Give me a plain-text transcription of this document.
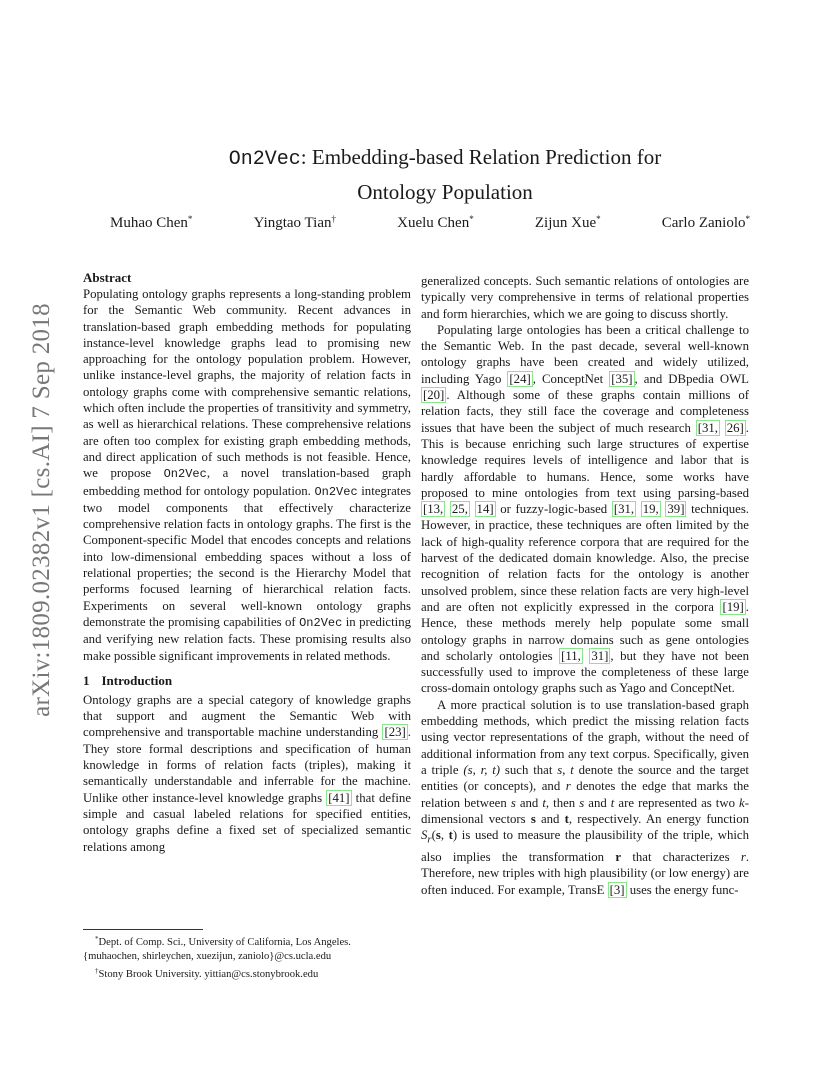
arXiv:1809.02382v1 [cs.AI] 7 Sep 2018
On2Vec: Embedding-based Relation Prediction for
Ontology Population
Muhao Chen*	Yingtao Tian†	Xuelu Chen*	Zijun Xue*	Carlo Zaniolo*
Abstract

Populating ontology graphs represents a long-standing problem for the Semantic Web community. Recent advances in translation-based graph embedding methods for populating instance-level knowledge graphs lead to promising new approaching for the ontology population problem. However, unlike instance-level graphs, the majority of relation facts in ontology graphs come with comprehensive semantic relations, which often include the properties of transitivity and symmetry, as well as hierarchical relations. These comprehensive relations are often too complex for existing graph embedding methods, and direct application of such methods is not feasible. Hence, we propose On2Vec, a novel translation-based graph embedding method for ontology population. On2Vec integrates two model components that effectively characterize comprehensive relation facts in ontology graphs. The first is the Component-specific Model that encodes concepts and relations into low-dimensional embedding spaces without a loss of relational properties; the second is the Hierarchy Model that performs focused learning of hierarchical relation facts. Experiments on several well-known ontology graphs demonstrate the promising capabilities of On2Vec in predicting and verifying new relation facts. These promising results also make possible significant improvements in related methods.

1 Introduction

Ontology graphs are a special category of knowledge graphs that support and augment the Semantic Web with comprehensive and transportable machine understanding [23] . They store formal descriptions and specification of human knowledge in forms of relation facts (triples), making it semantically understandable and inferrable for the machine. Unlike other instance-level knowledge graphs [41] that define simple and casual labeled relations for specified entities, ontology graphs define a fixed set of specialized semantic relations among

generalized concepts. Such semantic relations of ontologies are typically very comprehensive in terms of relational properties and form hierarchies, which we are going to discuss shortly.

Populating large ontologies has been a critical challenge to the Semantic Web. In the past decade, several well-known ontology graphs have been created and widely utilized, including Yago [24] , ConceptNet [35] , and DBpedia OWL [20] . Although some of these graphs contain millions of relation facts, they still face the coverage and completeness issues that have been the subject of much research [31, 26] . This is because enriching such large structures of expertise knowledge requires levels of intelligence and labor that is hardly affordable to humans. Hence, some works have proposed to mine ontologies from text using parsing-based [13, 25, 14] or fuzzy-logic-based [31, 19, 39] techniques. However, in practice, these techniques are often limited by the lack of high-quality reference corpora that are required for the harvest of the dedicated domain knowledge. Also, the precise recognition of relation facts for the ontology is another unsolved problem, since these relation facts are very high-level and are often not explicitly expressed in the corpora [19] . Hence, these methods merely help populate some small ontology graphs in narrow domains such as gene ontologies and scholarly ontologies [11, 31] , but they have not been successfully used to improve the completeness of these large cross-domain ontology graphs such as Yago and ConceptNet.

A more practical solution is to use translation-based graph embedding methods, which predict the missing relation facts using vector representations of the graph, without the need of additional information from any text corpus. Specifically, given a triple (s, r, t) such that s, t denote the source and the target entities (or concepts), and r denotes the edge that marks the relation between s and t, then s and t are represented as two k-dimensional vectors s and t, respectively. An energy function $S_r(s$, t) is used to measure the plausibility of the triple, which also implies the transformation r that characterizes r. Therefore, new triples with high plausibility (or low energy) are often induced. For example, TransE [3] uses the energy func-

*Dept. of Comp. Sci., University of California, Los Angeles.

{muhaochen, shirleychen, xuezijun, zaniolo}@cs.ucla.edu

†Stony Brook University. yittian@cs.stonybrook.edu
